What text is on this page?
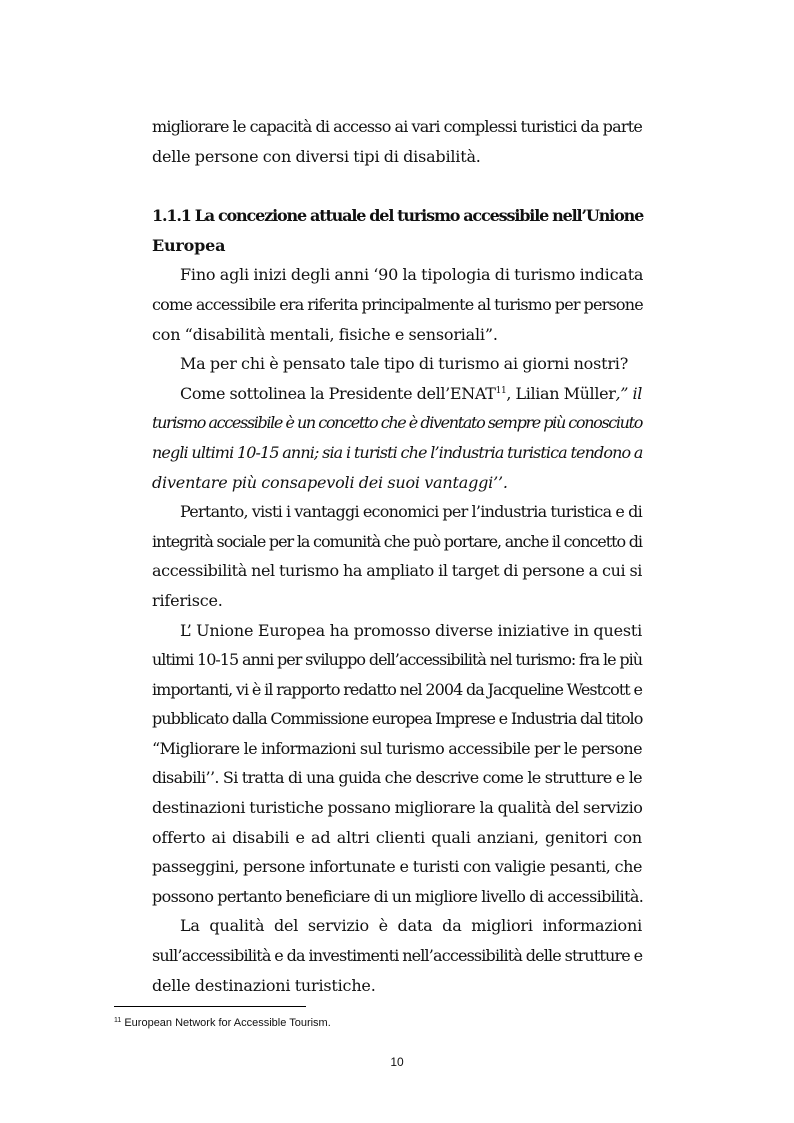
migliorare le capacità di accesso ai vari complessi turistici da parte
delle persone con diversi tipi di disabilità.
1.1.1 La concezione attuale del turismo accessibile nell’Unione
Europea
Fino agli inizi degli anni ‘90 la tipologia di turismo indicata
come accessibile era riferita principalmente al turismo per persone
con “disabilità mentali, fisiche e sensoriali”.
Ma per chi è pensato tale tipo di turismo ai giorni nostri?
Come sottolinea la Presidente dell’ENAT$^{11}$, Lilian Müller,” il
turismo accessibile è un concetto che è diventato sempre più conosciuto
negli ultimi 10-15 anni; sia i turisti che l’industria turistica tendono a
diventare più consapevoli dei suoi vantaggi’’.
Pertanto, visti i vantaggi economici per l’industria turistica e di
integrità sociale per la comunità che può portare, anche il concetto di
accessibilità nel turismo ha ampliato il target di persone a cui si
riferisce.
L’ Unione Europea ha promosso diverse iniziative in questi
ultimi 10-15 anni per sviluppo dell’accessibilità nel turismo: fra le più
importanti, vi è il rapporto redatto nel 2004 da Jacqueline Westcott e
pubblicato dalla Commissione europea Imprese e Industria dal titolo
“Migliorare le informazioni sul turismo accessibile per le persone
disabili’’. Si tratta di una guida che descrive come le strutture e le
destinazioni turistiche possano migliorare la qualità del servizio
offerto ai disabili e ad altri clienti quali anziani, genitori con
passeggini, persone infortunate e turisti con valigie pesanti, che
possono pertanto beneficiare di un migliore livello di accessibilità.
La qualità del servizio è data da migliori informazioni
sull’accessibilità e da investimenti nell’accessibilità delle strutture e
delle destinazioni turistiche.
$^{11}$ European Network for Accessible Tourism.
10
